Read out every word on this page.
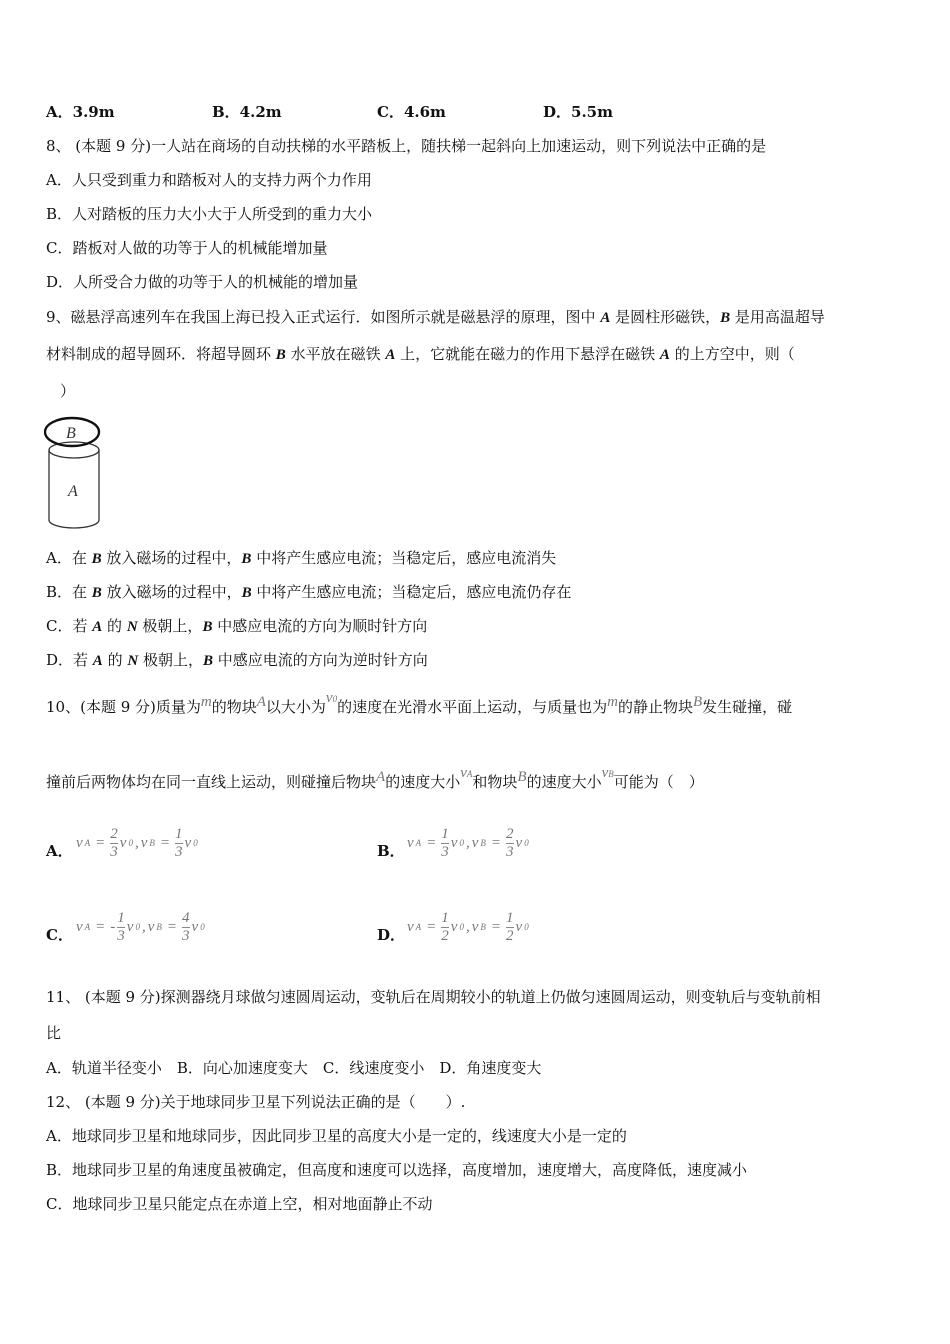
A．3.9m	B．4.2m	C．4.6m	D．5.5m
8、 (本题 9 分)一人站在商场的自动扶梯的水平踏板上，随扶梯一起斜向上加速运动，则下列说法中正确的是
A．人只受到重力和踏板对人的支持力两个力作用
B．人对踏板的压力大小大于人所受到的重力大小
C．踏板对人做的功等于人的机械能增加量
D．人所受合力做的功等于人的机械能的增加量
9、磁悬浮高速列车在我国上海已投入正式运行．如图所示就是磁悬浮的原理，图中 A 是圆柱形磁铁，B 是用高温超导
材料制成的超导圆环．将超导圆环 B 水平放在磁铁 A 上，它就能在磁力的作用下悬浮在磁铁 A 的上方空中，则（
）
B
A
A．在 B 放入磁场的过程中，B 中将产生感应电流；当稳定后，感应电流消失
B．在 B 放入磁场的过程中，B 中将产生感应电流；当稳定后，感应电流仍存在
C．若 A 的 N 极朝上，B 中感应电流的方向为顺时针方向
D．若 A 的 N 极朝上，B 中感应电流的方向为逆时针方向
10、(本题 9 分)质量为m的物块A以大小为v0的速度在光滑水平面上运动，与质量也为m的静止物块B发生碰撞，碰
撞前后两物体均在同一直线上运动，则碰撞后物块A的速度大小vA和物块B的速度大小vB可能为（　）
A． v $A = \frac{2}{3}$ v 0 , v $B = \frac{1}{3}$ v 0	B． v $A = \frac{1}{3}$ v 0 , v $B = \frac{2}{3}$ v 0
C． v A = - $\frac{1}{3}$ v 0 , v $B = \frac{4}{3}$ v 0	D． v $A = \frac{1}{2}$ v 0 , v $B = \frac{1}{2}$ v 0
11、 (本题 9 分)探测器绕月球做匀速圆周运动，变轨后在周期较小的轨道上仍做匀速圆周运动，则变轨后与变轨前相
比
A．轨道半径变小　B．向心加速度变大　C．线速度变小　D．角速度变大
12、 (本题 9 分)关于地球同步卫星下列说法正确的是（　　）.
A．地球同步卫星和地球同步，因此同步卫星的高度大小是一定的，线速度大小是一定的
B．地球同步卫星的角速度虽被确定，但高度和速度可以选择，高度增加，速度增大，高度降低，速度减小
C．地球同步卫星只能定点在赤道上空，相对地面静止不动
